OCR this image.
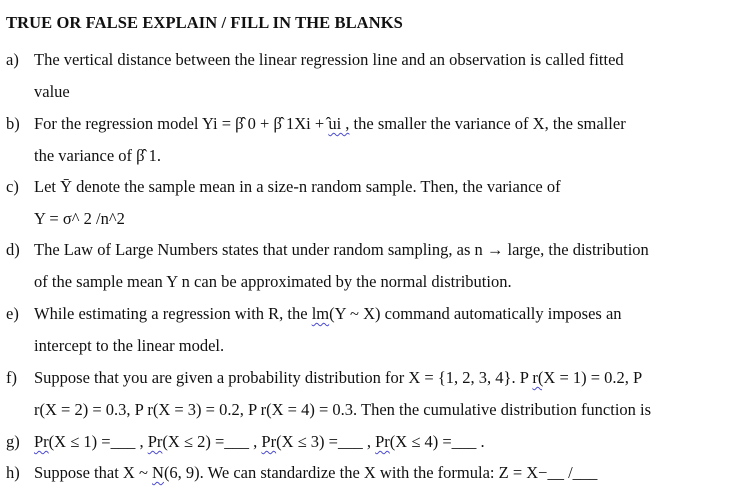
TRUE OR FALSE EXPLAIN / FILL IN THE BLANKS
a) The vertical distance between the linear regression line and an observation is called fitted
value
b) For the regression model Yi = β̂ 0 + β̂ 1Xi + ̂ui , the smaller the variance of X, the smaller
the variance of β̂ 1.
c) Let Ȳ denote the sample mean in a size-n random sample. Then, the variance of
Y = σ^ 2 /n^2
d) The Law of Large Numbers states that under random sampling, as n → large, the distribution
of the sample mean Y n can be approximated by the normal distribution.
e) While estimating a regression with R, the lm(Y ~ X) command automatically imposes an
intercept to the linear model.
f) Suppose that you are given a probability distribution for X = {1, 2, 3, 4}. P r(X = 1) = 0.2, P
r(X = 2) = 0.3, P r(X = 3) = 0.2, P r(X = 4) = 0.3. Then the cumulative distribution function is
g) Pr(X ≤ 1) =___ , Pr(X ≤ 2) =___ , Pr(X ≤ 3) =___ , Pr(X ≤ 4) =___ .
h) Suppose that X ~ N(6, 9). We can standardize the X with the formula: Z = X−__ /___
